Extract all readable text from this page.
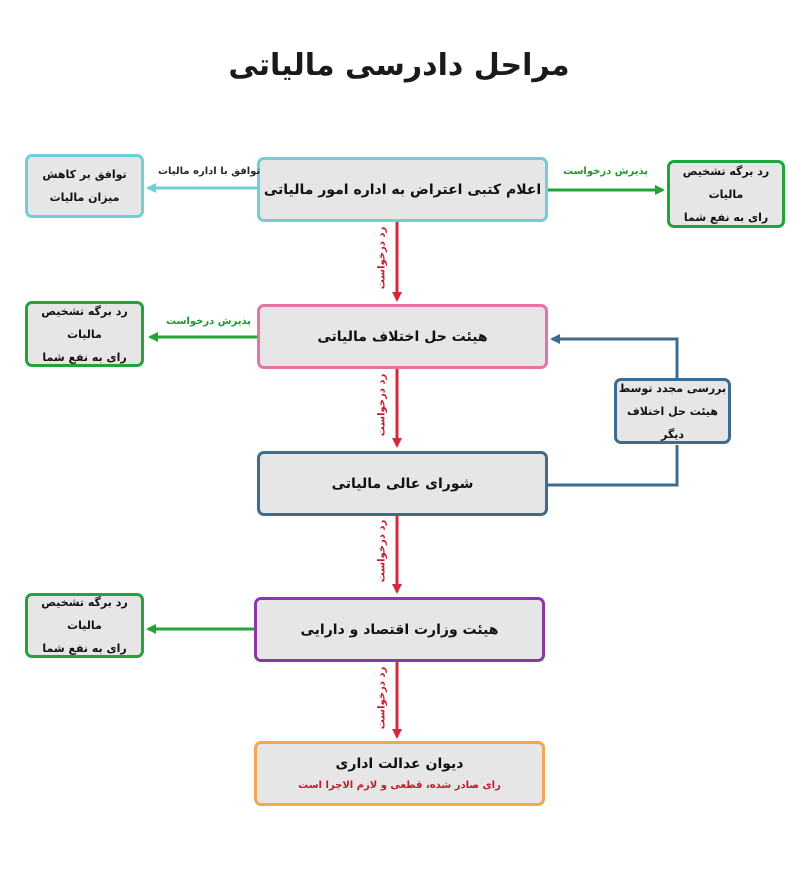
مراحل دادرسی مالیاتی
اعلام کتبی اعتراض به اداره امور مالیاتی
هیئت حل اختلاف مالیاتی
شورای عالی مالیاتی
هیئت وزارت اقتصاد و دارایی
دیوان عدالت اداری
رای صادر شده، قطعی و لازم الاجرا است
رد برگه تشخیص مالیات
رای به نفع شما
توافق بر کاهش
میزان مالیات
رد برگه تشخیص مالیات
رای به نفع شما
رد برگه تشخیص مالیات
رای به نفع شما
بررسی مجدد توسط
هیئت حل اختلاف دیگر
پذیرش درخواست
توافق با اداره مالیات
پذیرش درخواست
رد درخواست
رد درخواست
رد درخواست
رد درخواست
